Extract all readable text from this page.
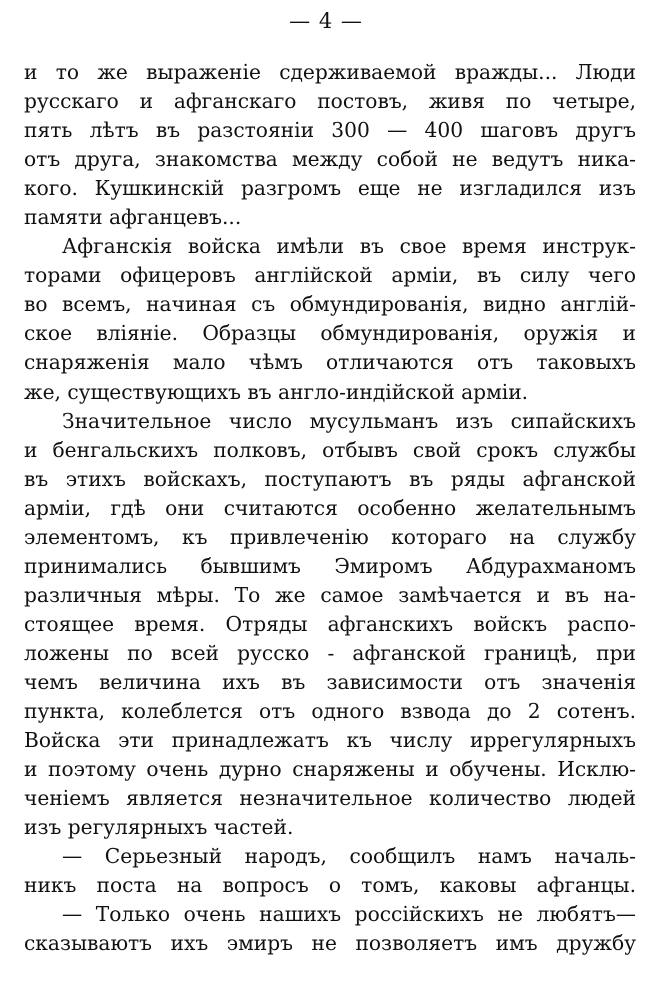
— 4 —
и то же выраженіе сдерживаемой вражды... Люди
русскаго и афганскаго постовъ, живя по четыре,
пять лѣтъ въ разстояніи 300 — 400 шаговъ другъ
отъ друга, знакомства между собой не ведутъ ника-
кого. Кушкинскій разгромъ еще не изгладился изъ
памяти афганцевъ...
Афганскія войска имѣли въ свое время инструк-
торами офицеровъ англійской арміи, въ силу чего
во всемъ, начиная съ обмундированія, видно англій-
ское вліяніе. Образцы обмундированія, оружія и
снаряженія мало чѣмъ отличаются отъ таковыхъ
же, существующихъ въ англо-индійской арміи.
Значительное число мусульманъ изъ сипайскихъ
и бенгальскихъ полковъ, отбывъ свой срокъ службы
въ этихъ войскахъ, поступаютъ въ ряды афганской
арміи, гдѣ они считаются особенно желательнымъ
элементомъ, къ привлеченію котораго на службу
принимались бывшимъ Эмиромъ Абдурахманомъ
различныя мѣры. То же самое замѣчается и въ на-
стоящее время. Отряды афганскихъ войскъ распо-
ложены по всей русско - афганской границѣ, при
чемъ величина ихъ въ зависимости отъ значенія
пункта, колеблется отъ одного взвода до 2 сотенъ.
Войска эти принадлежатъ къ числу иррегулярныхъ
и поэтому очень дурно снаряжены и обучены. Исклю-
ченіемъ является незначительное количество людей
изъ регулярныхъ частей.
— Серьезный народъ, сообщилъ намъ началь-
никъ поста на вопросъ о томъ, каковы афганцы.
— Только очень нашихъ россійскихъ не любятъ—
сказываютъ ихъ эмиръ не позволяетъ имъ дружбу
